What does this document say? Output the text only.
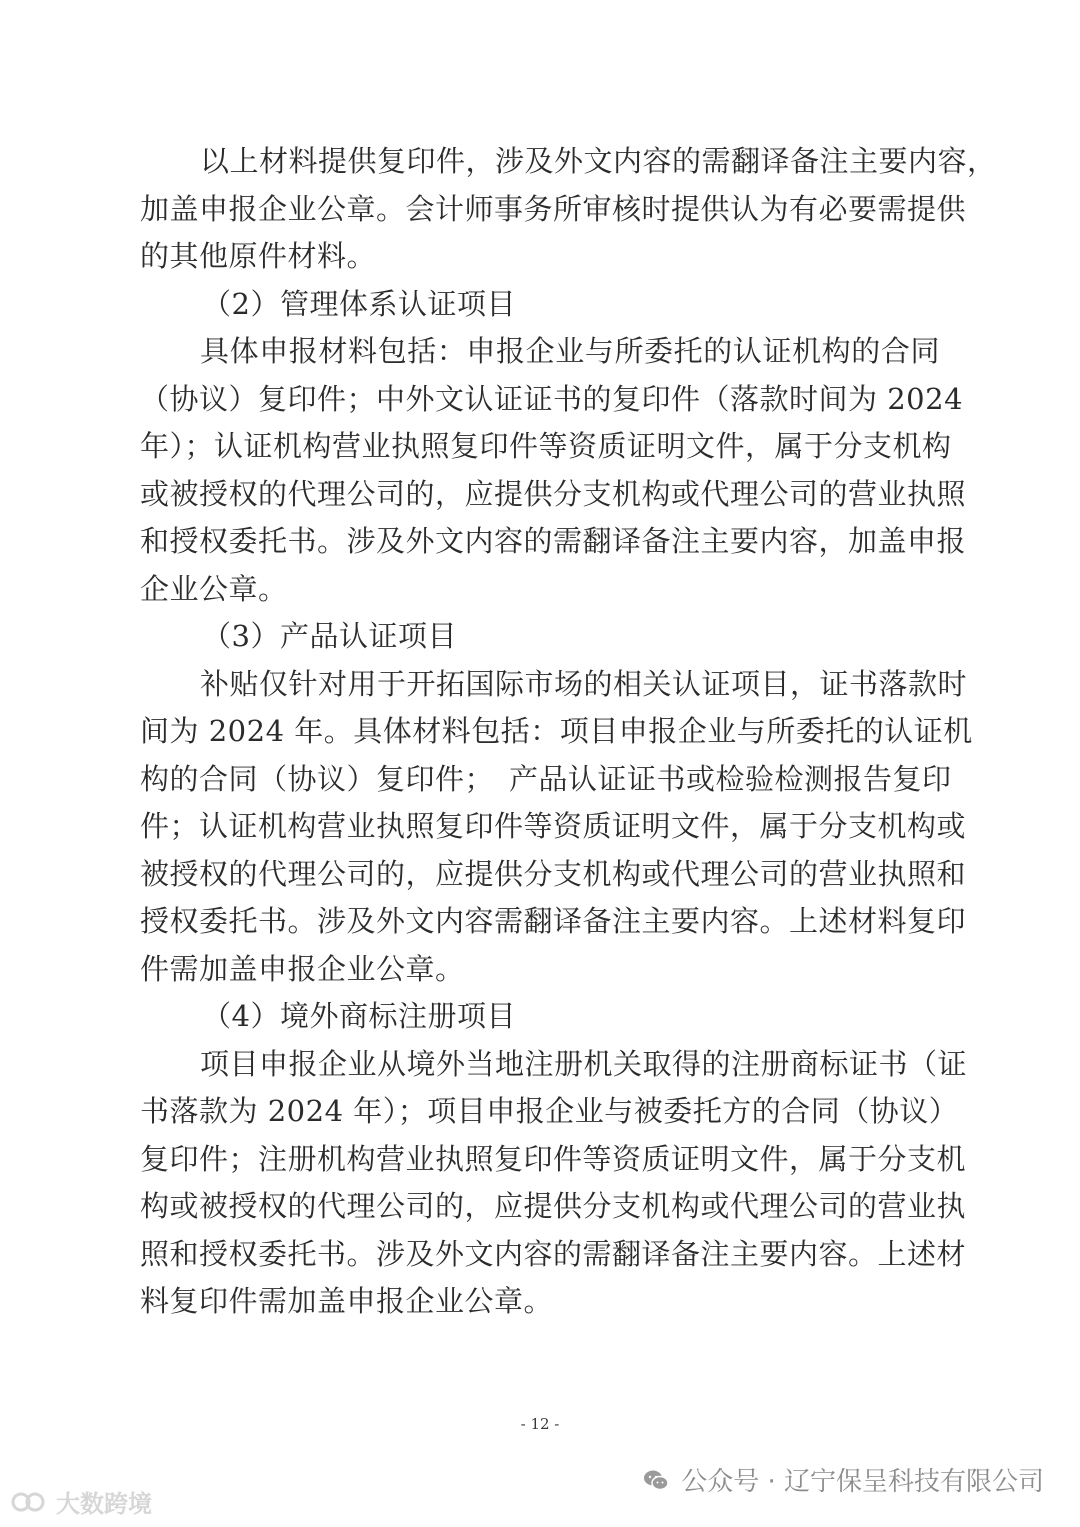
以上材料提供复印件，涉及外文内容的需翻译备注主要内容，
加盖申报企业公章。会计师事务所审核时提供认为有必要需提供
的其他原件材料。
（2）管理体系认证项目
具体申报材料包括：申报企业与所委托的认证机构的合同
（协议）复印件；中外文认证证书的复印件（落款时间为 2024
年）；认证机构营业执照复印件等资质证明文件，属于分支机构
或被授权的代理公司的，应提供分支机构或代理公司的营业执照
和授权委托书。涉及外文内容的需翻译备注主要内容，加盖申报
企业公章。
（3）产品认证项目
补贴仅针对用于开拓国际市场的相关认证项目，证书落款时
间为 2024 年。具体材料包括：项目申报企业与所委托的认证机
构的合同（协议）复印件；　产品认证证书或检验检测报告复印
件；认证机构营业执照复印件等资质证明文件，属于分支机构或
被授权的代理公司的，应提供分支机构或代理公司的营业执照和
授权委托书。涉及外文内容需翻译备注主要内容。上述材料复印
件需加盖申报企业公章。
（4）境外商标注册项目
项目申报企业从境外当地注册机关取得的注册商标证书（证
书落款为 2024 年）；项目申报企业与被委托方的合同（协议）
复印件；注册机构营业执照复印件等资质证明文件，属于分支机
构或被授权的代理公司的，应提供分支机构或代理公司的营业执
照和授权委托书。涉及外文内容的需翻译备注主要内容。上述材
料复印件需加盖申报企业公章。
- 12 -
公众号 · 辽宁保呈科技有限公司
大数跨境
